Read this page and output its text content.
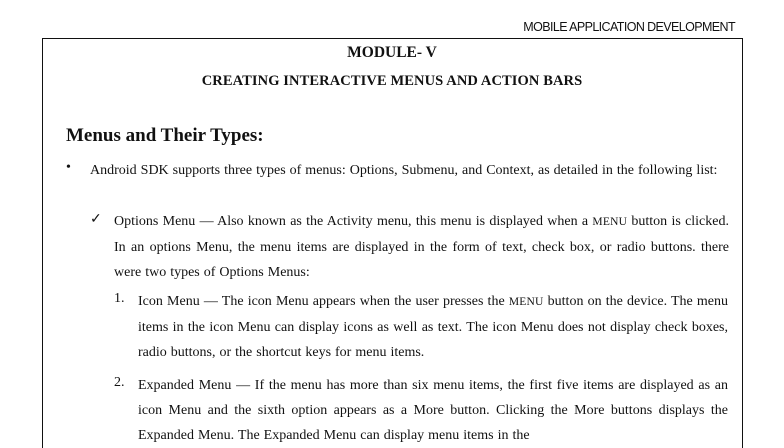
MOBILE APPLICATION DEVELOPMENT
MODULE- V
CREATING INTERACTIVE MENUS AND ACTION BARS
Menus and Their Types:
• Android SDK supports three types of menus: Options, Submenu, and Context, as detailed in the following list:
✓ Options Menu — Also known as the Activity menu, this menu is displayed when a MENU button is clicked. In an options Menu, the menu items are displayed in the form of text, check box, or radio buttons. there were two types of Options Menus:
1. Icon Menu — The icon Menu appears when the user presses the MENU button on the device. The menu items in the icon Menu can display icons as well as text. The icon Menu does not display check boxes, radio buttons, or the shortcut keys for menu items.
2. Expanded Menu — If the menu has more than six menu items, the first five items are displayed as an icon Menu and the sixth option appears as a More button. Clicking the More buttons displays the Expanded Menu. The Expanded Menu can display menu items in the
